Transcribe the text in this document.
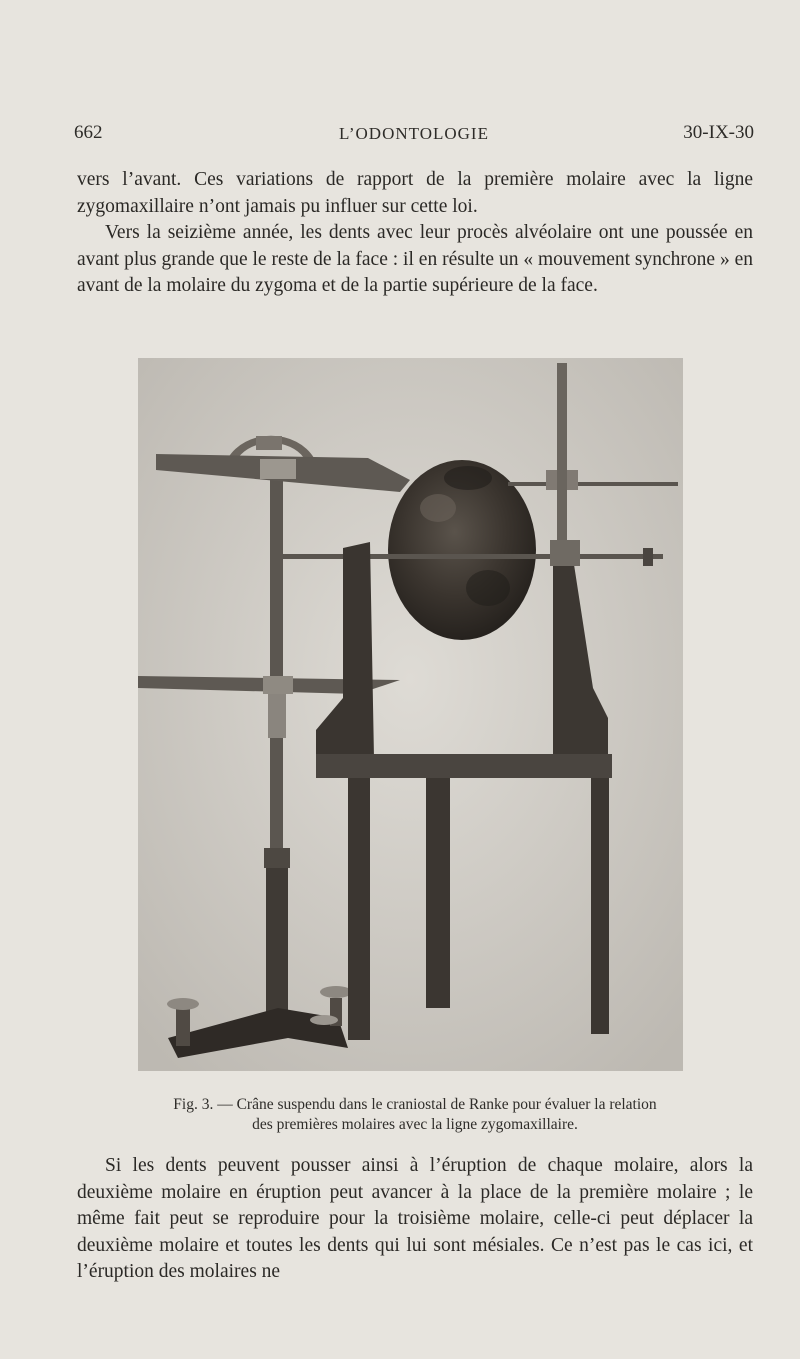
662	L’ODONTOLOGIE	30-IX-30
vers l’avant. Ces variations de rapport de la première molaire avec la ligne zygomaxillaire n’ont jamais pu influer sur cette loi.
Vers la seizième année, les dents avec leur procès alvéolaire ont une poussée en avant plus grande que le reste de la face : il en résulte un « mouvement synchrone » en avant de la molaire du zygoma et de la partie supérieure de la face.
Fig. 3. — Crâne suspendu dans le craniostal de Ranke pour évaluer la relation
des premières molaires avec la ligne zygomaxillaire.
Si les dents peuvent pousser ainsi à l’éruption de chaque molaire, alors la deuxième molaire en éruption peut avancer à la place de la première molaire ; le même fait peut se reproduire pour la troisième molaire, celle-ci peut déplacer la deuxième molaire et toutes les dents qui lui sont mésiales. Ce n’est pas le cas ici, et l’éruption des molaires ne
